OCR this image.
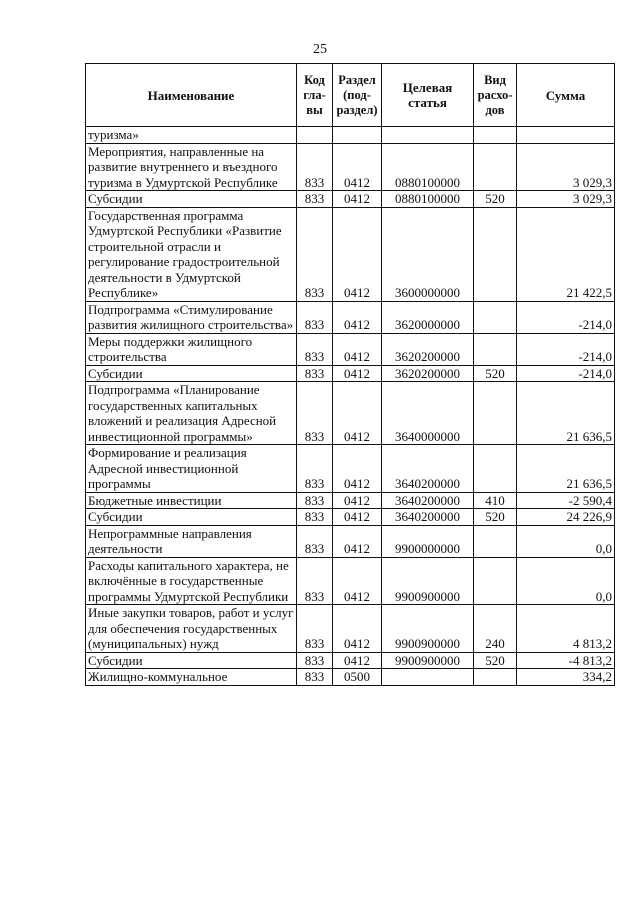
25
Наименование	Код гла- вы	Раздел (под- раздел)	Целевая статья	Вид расхо- дов	Сумма
туризма»					
Мероприятия, направленные на развитие внутреннего и въездного туризма в Удмуртской Республике	833	0412	0880100000		3 029,3
Субсидии	833	0412	0880100000	520	3 029,3
Государственная программа Удмуртской Республики «Развитие строительной отрасли и регулирование градостроительной деятельности в Удмуртской Республике»	833	0412	3600000000		21 422,5
Подпрограмма «Стимулирование развития жилищного строительства»	833	0412	3620000000		-214,0
Меры поддержки жилищного строительства	833	0412	3620200000		-214,0
Субсидии	833	0412	3620200000	520	-214,0
Подпрограмма «Планирование государственных капитальных вложений и реализация Адресной инвестиционной программы»	833	0412	3640000000		21 636,5
Формирование и реализация Адресной инвестиционной программы	833	0412	3640200000		21 636,5
Бюджетные инвестиции	833	0412	3640200000	410	-2 590,4
Субсидии	833	0412	3640200000	520	24 226,9
Непрограммные направления деятельности	833	0412	9900000000		0,0
Расходы капитального характера, не включённые в государственные программы Удмуртской Республики	833	0412	9900900000		0,0
Иные закупки товаров, работ и услуг для обеспечения государственных (муниципальных) нужд	833	0412	9900900000	240	4 813,2
Субсидии	833	0412	9900900000	520	-4 813,2
Жилищно-коммунальное	833	0500			334,2
